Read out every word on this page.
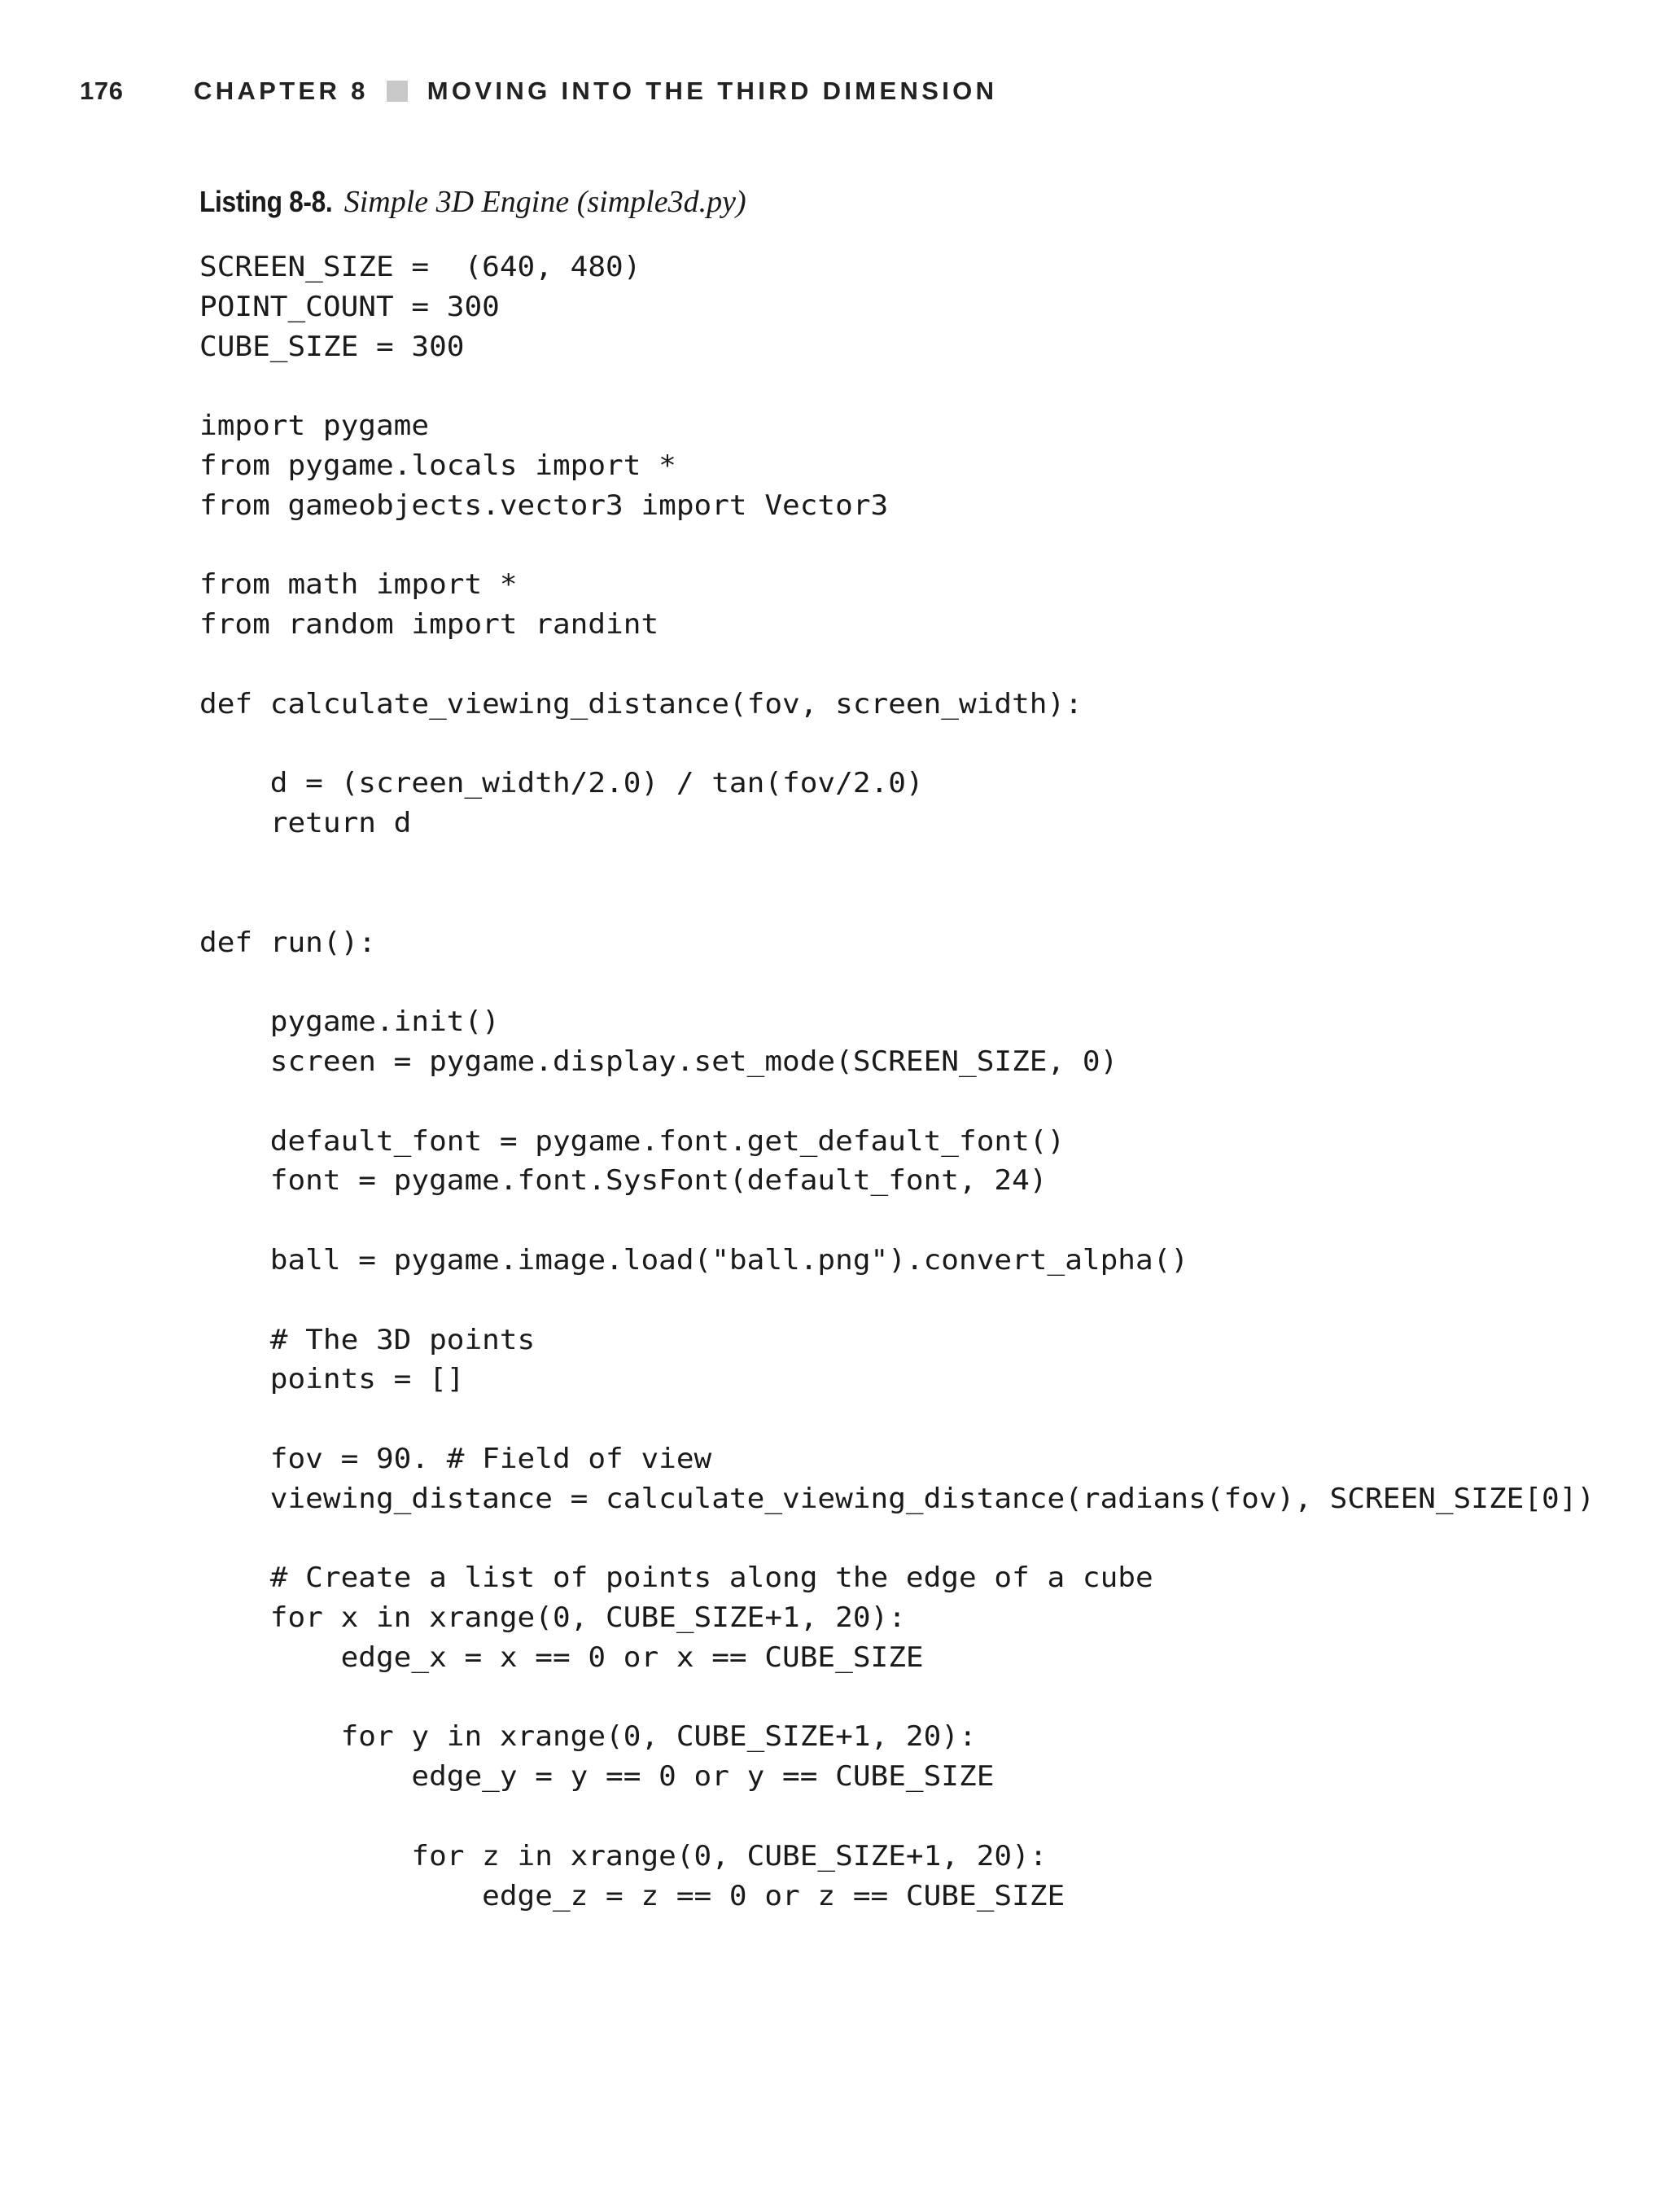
176	CHAPTER 8 MOVING INTO THE THIRD DIMENSION
Listing 8-8. Simple 3D Engine (simple3d.py)
SCREEN_SIZE =  (640, 480)
POINT_COUNT = 300
CUBE_SIZE = 300

import pygame
from pygame.locals import *
from gameobjects.vector3 import Vector3

from math import *
from random import randint

def calculate_viewing_distance(fov, screen_width):

d = (screen_width/2.0) / tan(fov/2.0)
return d

def run():

pygame.init()
screen = pygame.display.set_mode(SCREEN_SIZE, 0)

default_font = pygame.font.get_default_font()
font = pygame.font.SysFont(default_font, 24)

ball = pygame.image.load("ball.png").convert_alpha()

# The 3D points
points = []

fov = 90. # Field of view
viewing_distance = calculate_viewing_distance(radians(fov), SCREEN_SIZE[0])

# Create a list of points along the edge of a cube
for x in xrange(0, CUBE_SIZE+1, 20):
edge_x = x == 0 or x == CUBE_SIZE

for y in xrange(0, CUBE_SIZE+1, 20):
edge_y = y == 0 or y == CUBE_SIZE

for z in xrange(0, CUBE_SIZE+1, 20):
edge_z = z == 0 or z == CUBE_SIZE
